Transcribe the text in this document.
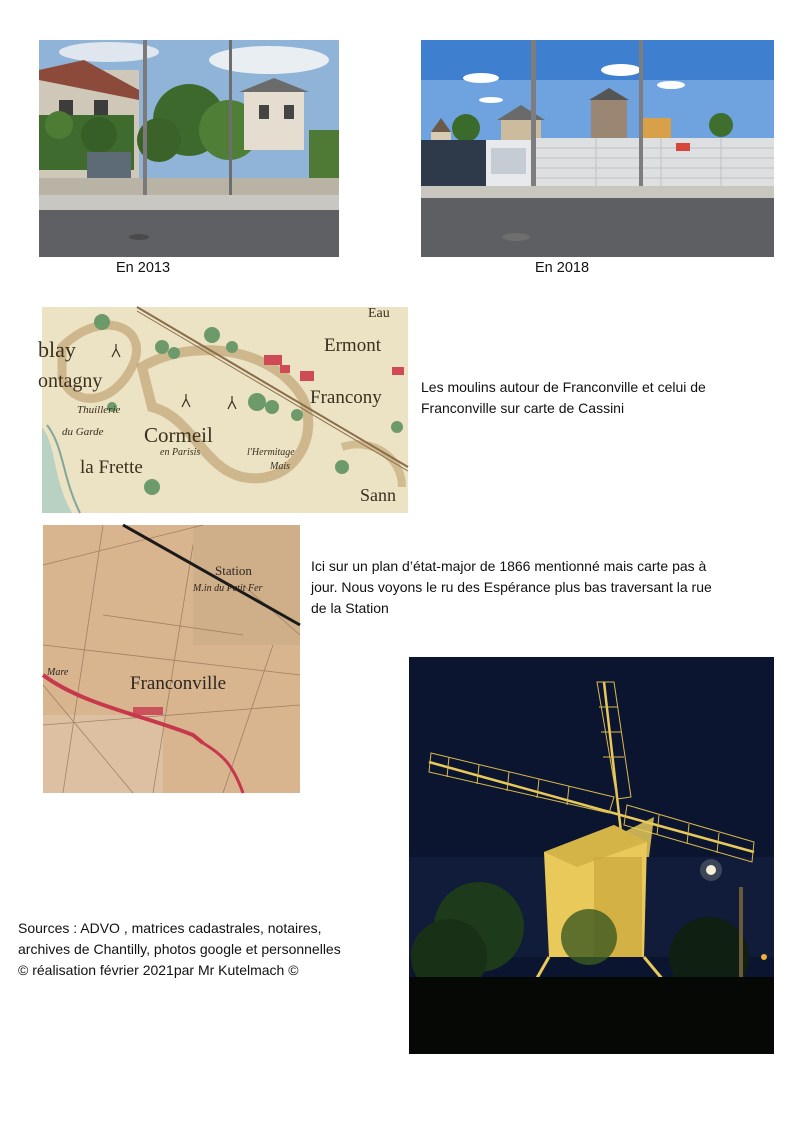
En 2013	En 2018
blay
ontagny
Thuillerie
du Garde Cormeil
en Parisis
la Frette
l'Hermitage
Mais
Ermont
Francony
Sann
Eau

Les moulins autour de Franconville et celui de
Franconville sur carte de Cassini

Station
M.in du Petit Fer
Franconville
Mare

Ici sur un plan d’état-major de 1866 mentionné mais carte pas à
jour. Nous voyons le ru des Espérance plus bas traversant la rue
de la Station

Sources : ADVO , matrices cadastrales, notaires,
archives de Chantilly, photos google et personnelles
© réalisation février 2021par Mr Kutelmach ©
